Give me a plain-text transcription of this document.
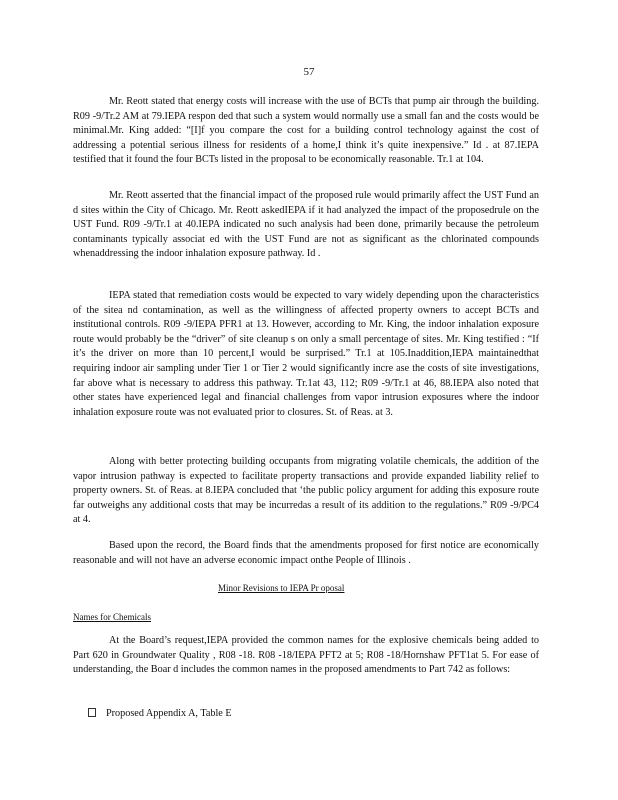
57

Mr. Reott stated that energy costs will increase with the use of BCTs that pump air through the building. R09 -9/Tr.2 AM at 79.IEPA respon ded that such a system would normally use a small fan and the costs would be minimal.Mr. King added: “[I]f you compare the cost for a building control technology against the cost of addressing a potential serious illness for residents of a home,I think it’s quite inexpensive.” Id . at 87.IEPA testified that it found the four BCTs listed in the proposal to be economically reasonable. Tr.1 at 104.

Mr. Reott asserted that the financial impact of the proposed rule would primarily affect the UST Fund an d sites within the City of Chicago. Mr. Reott askedIEPA if it had analyzed the impact of the proposedrule on the UST Fund. R09 -9/Tr.1 at 40.IEPA indicated no such analysis had been done, primarily because the petroleum contaminants typically associat ed with the UST Fund are not as significant as the chlorinated compounds whenaddressing the indoor inhalation exposure pathway. Id .

IEPA stated that remediation costs would be expected to vary widely depending upon the characteristics of the sitea nd contamination, as well as the willingness of affected property owners to accept BCTs and institutional controls. R09 -9/IEPA PFR1 at 13. However, according to Mr. King, the indoor inhalation exposure route would probably be the “driver” of site cleanup s on only a small percentage of sites. Mr. King testified : “If it’s the driver on more than 10 percent,I would be surprised.” Tr.1 at 105.Inaddition,IEPA maintainedthat requiring indoor air sampling under Tier 1 or Tier 2 would significantly incre ase the costs of site investigations, far above what is necessary to address this pathway. Tr.1at 43, 112; R09 -9/Tr.1 at 46, 88.IEPA also noted that other states have experienced legal and financial challenges from vapor intrusion exposures where the indoor inhalation exposure route was not evaluated prior to closures. St. of Reas. at 3.

Along with better protecting building occupants from migrating volatile chemicals, the addition of the vapor intrusion pathway is expected to facilitate property transactions and provide expanded liability relief to property owners. St. of Reas. at 8.IEPA concluded that ‘the public policy argument for adding this exposure route far outweighs any additional costs that may be incurredas a result of its addition to the regulations.” R09 -9/PC4 at 4.

Based upon the record, the Board finds that the amendments proposed for first notice are economically reasonable and will not have an adverse economic impact onthe People of Illinois .

Minor Revisions to IEPA Pr oposal
Names for Chemicals

At the Board’s request,IEPA provided the common names for the explosive chemicals being added to Part 620 in Groundwater Quality , R08 -18. R08 -18/IEPA PFT2 at 5; R08 -18/Hornshaw PFT1at 5. For ease of understanding, the Boar d includes the common names in the proposed amendments to Part 742 as follows:

Proposed Appendix A, Table E
